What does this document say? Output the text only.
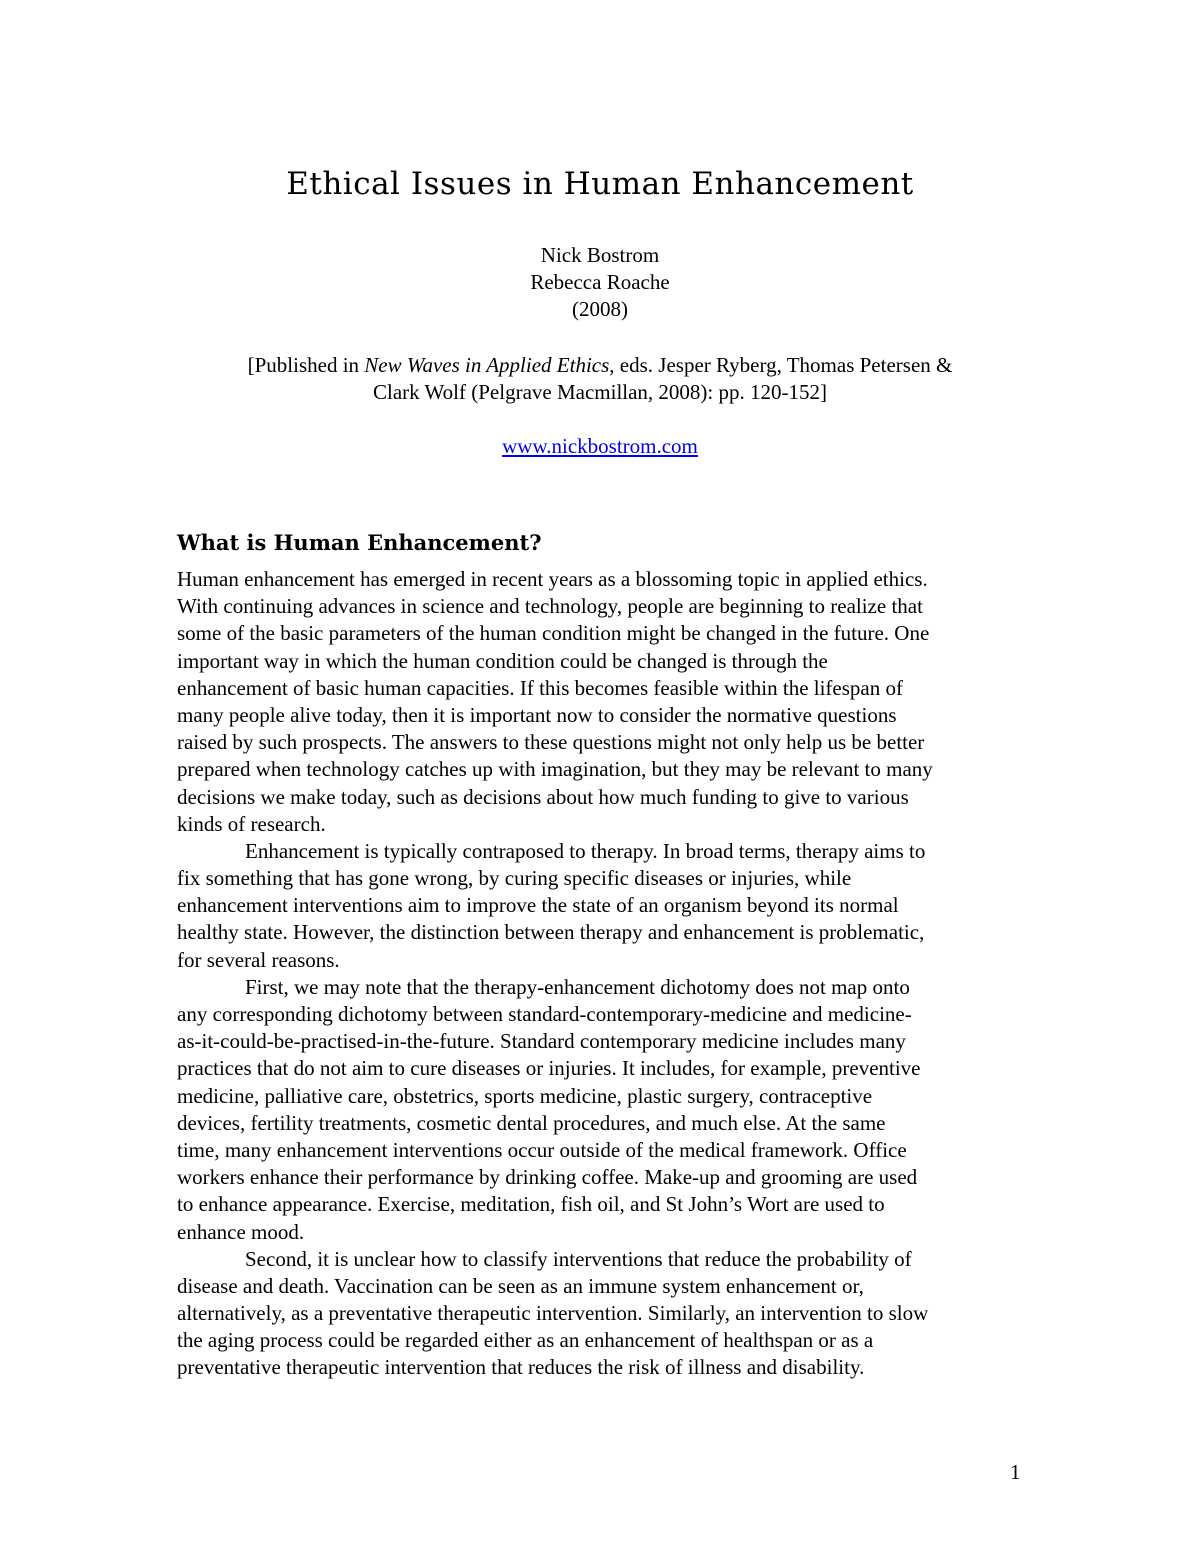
Ethical Issues in Human Enhancement
Nick Bostrom
Rebecca Roache
(2008)
[Published in New Waves in Applied Ethics, eds. Jesper Ryberg, Thomas Petersen &
Clark Wolf (Pelgrave Macmillan, 2008): pp. 120-152]
www.nickbostrom.com
What is Human Enhancement?
Human enhancement has emerged in recent years as a blossoming topic in applied ethics.
With continuing advances in science and technology, people are beginning to realize that
some of the basic parameters of the human condition might be changed in the future. One
important way in which the human condition could be changed is through the
enhancement of basic human capacities. If this becomes feasible within the lifespan of
many people alive today, then it is important now to consider the normative questions
raised by such prospects. The answers to these questions might not only help us be better
prepared when technology catches up with imagination, but they may be relevant to many
decisions we make today, such as decisions about how much funding to give to various
kinds of research.
Enhancement is typically contraposed to therapy. In broad terms, therapy aims to
fix something that has gone wrong, by curing specific diseases or injuries, while
enhancement interventions aim to improve the state of an organism beyond its normal
healthy state. However, the distinction between therapy and enhancement is problematic,
for several reasons.
First, we may note that the therapy-enhancement dichotomy does not map onto
any corresponding dichotomy between standard-contemporary-medicine and medicine-
as-it-could-be-practised-in-the-future. Standard contemporary medicine includes many
practices that do not aim to cure diseases or injuries. It includes, for example, preventive
medicine, palliative care, obstetrics, sports medicine, plastic surgery, contraceptive
devices, fertility treatments, cosmetic dental procedures, and much else. At the same
time, many enhancement interventions occur outside of the medical framework. Office
workers enhance their performance by drinking coffee. Make-up and grooming are used
to enhance appearance. Exercise, meditation, fish oil, and St John’s Wort are used to
enhance mood.
Second, it is unclear how to classify interventions that reduce the probability of
disease and death. Vaccination can be seen as an immune system enhancement or,
alternatively, as a preventative therapeutic intervention. Similarly, an intervention to slow
the aging process could be regarded either as an enhancement of healthspan or as a
preventative therapeutic intervention that reduces the risk of illness and disability.
1
